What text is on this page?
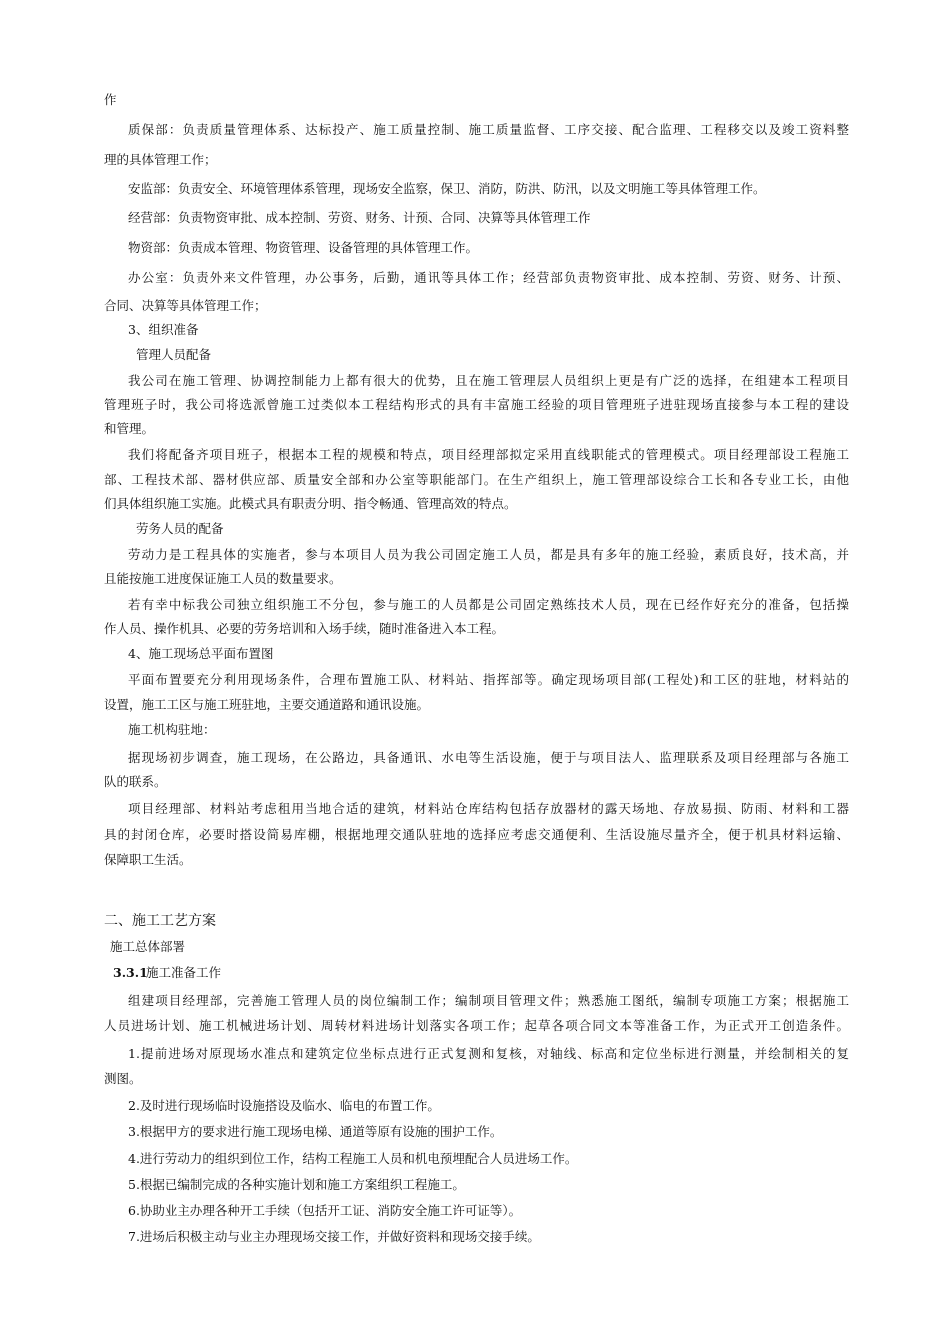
作
质保部：负责质量管理体系、达标投产、施工质量控制、施工质量监督、工序交接、配合监理、工程移交以及竣工资料整
理的具体管理工作；
安监部：负责安全、环境管理体系管理，现场安全监察，保卫、消防，防洪、防汛，以及文明施工等具体管理工作。
经营部：负责物资审批、成本控制、劳资、财务、计预、合同、决算等具体管理工作
物资部：负责成本管理、物资管理、设备管理的具体管理工作。
办公室：负责外来文件管理，办公事务，后勤，通讯等具体工作；经营部负责物资审批、成本控制、劳资、财务、计预、
合同、决算等具体管理工作；
3、组织准备
管理人员配备
我公司在施工管理、协调控制能力上都有很大的优势，且在施工管理层人员组织上更是有广泛的选择，在组建本工程项目
管理班子时，我公司将选派曾施工过类似本工程结构形式的具有丰富施工经验的项目管理班子进驻现场直接参与本工程的建设
和管理。
我们将配备齐项目班子，根据本工程的规模和特点，项目经理部拟定采用直线职能式的管理模式。项目经理部设工程施工
部、工程技术部、器材供应部、质量安全部和办公室等职能部门。在生产组织上，施工管理部设综合工长和各专业工长，由他
们具体组织施工实施。此模式具有职责分明、指令畅通、管理高效的特点。
劳务人员的配备
劳动力是工程具体的实施者，参与本项目人员为我公司固定施工人员，都是具有多年的施工经验，素质良好，技术高，并
且能按施工进度保证施工人员的数量要求。
若有幸中标我公司独立组织施工不分包，参与施工的人员都是公司固定熟练技术人员，现在已经作好充分的准备，包括操
作人员、操作机具、必要的劳务培训和入场手续，随时准备进入本工程。
4、施工现场总平面布置图
平面布置要充分利用现场条件，合理布置施工队、材料站、指挥部等。确定现场项目部(工程处)和工区的驻地，材料站的
设置，施工工区与施工班驻地，主要交通道路和通讯设施。
施工机构驻地：
据现场初步调查，施工现场，在公路边，具备通讯、水电等生活设施，便于与项目法人、监理联系及项目经理部与各施工
队的联系。
项目经理部、材料站考虑租用当地合适的建筑，材料站仓库结构包括存放器材的露天场地、存放易损、防雨、材料和工器
具的封闭仓库，必要时搭设简易库棚，根据地理交通队驻地的选择应考虑交通便利、生活设施尽量齐全，便于机具材料运输、
保障职工生活。
二、施工工艺方案
施工总体部署
3.3.1
施工准备工作
组建项目经理部，完善施工管理人员的岗位编制工作；编制项目管理文件；熟悉施工图纸，编制专项施工方案；根据施工
人员进场计划、施工机械进场计划、周转材料进场计划落实各项工作；起草各项合同文本等准备工作，为正式开工创造条件。
1.提前进场对原现场水准点和建筑定位坐标点进行正式复测和复核，对轴线、标高和定位坐标进行测量，并绘制相关的复
测图。
2.及时进行现场临时设施搭设及临水、临电的布置工作。
3.根据甲方的要求进行施工现场电梯、通道等原有设施的围护工作。
4.进行劳动力的组织到位工作，结构工程施工人员和机电预埋配合人员进场工作。
5.根据已编制完成的各种实施计划和施工方案组织工程施工。
6.协助业主办理各种开工手续（包括开工证、消防安全施工许可证等）。
7.进场后积极主动与业主办理现场交接工作，并做好资料和现场交接手续。
